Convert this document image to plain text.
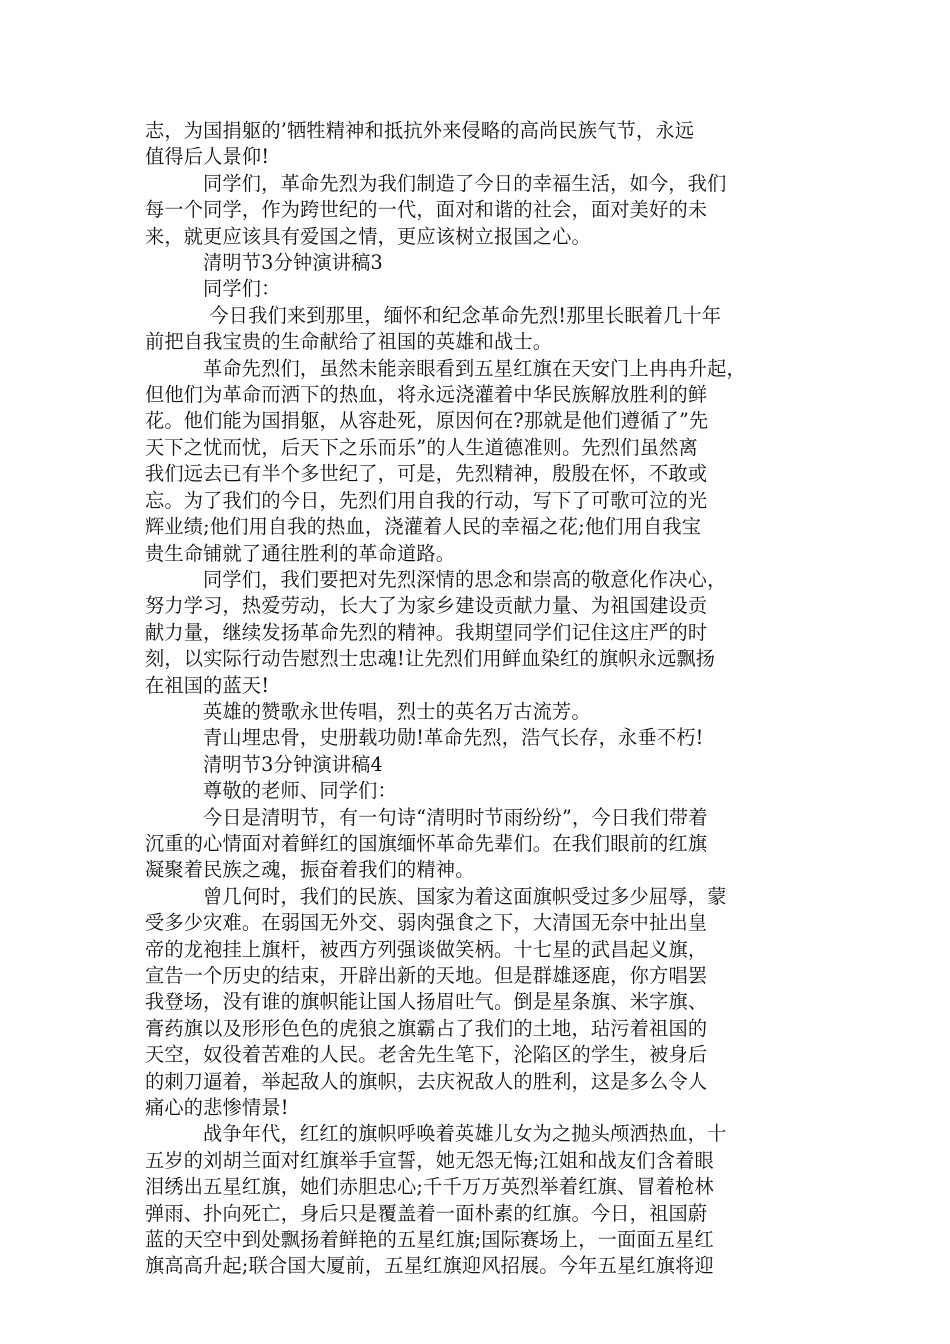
志，为国捐躯的’牺牲精神和抵抗外来侵略的高尚民族气节，永远

值得后人景仰!

同学们，革命先烈为我们制造了今日的幸福生活，如今，我们

每一个同学，作为跨世纪的一代，面对和谐的社会，面对美好的未

来，就更应该具有爱国之情，更应该树立报国之心。

清明节3分钟演讲稿3

同学们：

今日我们来到那里，缅怀和纪念革命先烈!那里长眠着几十年

前把自我宝贵的生命献给了祖国的英雄和战士。

革命先烈们，虽然未能亲眼看到五星红旗在天安门上冉冉升起，

但他们为革命而洒下的热血，将永远浇灌着中华民族解放胜利的鲜

花。他们能为国捐躯，从容赴死，原因何在?那就是他们遵循了”先

天下之忧而忧，后天下之乐而乐”的人生道德准则。先烈们虽然离

我们远去已有半个多世纪了，可是，先烈精神，殷殷在怀，不敢或

忘。为了我们的今日，先烈们用自我的行动，写下了可歌可泣的光

辉业绩;他们用自我的热血，浇灌着人民的幸福之花;他们用自我宝

贵生命铺就了通往胜利的革命道路。

同学们，我们要把对先烈深情的思念和崇高的敬意化作决心，

努力学习，热爱劳动，长大了为家乡建设贡献力量、为祖国建设贡

献力量，继续发扬革命先烈的精神。我期望同学们记住这庄严的时

刻，以实际行动告慰烈士忠魂!让先烈们用鲜血染红的旗帜永远飘扬

在祖国的蓝天!

英雄的赞歌永世传唱，烈士的英名万古流芳。

青山埋忠骨，史册载功勋!革命先烈，浩气长存，永垂不朽!

清明节3分钟演讲稿4

尊敬的老师、同学们：

今日是清明节，有一句诗“清明时节雨纷纷”，今日我们带着

沉重的心情面对着鲜红的国旗缅怀革命先辈们。在我们眼前的红旗

凝聚着民族之魂，振奋着我们的精神。

曾几何时，我们的民族、国家为着这面旗帜受过多少屈辱，蒙

受多少灾难。在弱国无外交、弱肉强食之下，大清国无奈中扯出皇

帝的龙袍挂上旗杆，被西方列强谈做笑柄。十七星的武昌起义旗，

宣告一个历史的结束，开辟出新的天地。但是群雄逐鹿，你方唱罢

我登场，没有谁的旗帜能让国人扬眉吐气。倒是星条旗、米字旗、

膏药旗以及形形色色的虎狼之旗霸占了我们的土地，玷污着祖国的

天空，奴役着苦难的人民。老舍先生笔下，沦陷区的学生，被身后

的刺刀逼着，举起敌人的旗帜，去庆祝敌人的胜利，这是多么令人

痛心的悲惨情景!

战争年代，红红的旗帜呼唤着英雄儿女为之抛头颅洒热血，十

五岁的刘胡兰面对红旗举手宣誓，她无怨无悔;江姐和战友们含着眼

泪绣出五星红旗，她们赤胆忠心;千千万万英烈举着红旗、冒着枪林

弹雨、扑向死亡，身后只是覆盖着一面朴素的红旗。今日，祖国蔚

蓝的天空中到处飘扬着鲜艳的五星红旗;国际赛场上，一面面五星红

旗高高升起;联合国大厦前，五星红旗迎风招展。今年五星红旗将迎
